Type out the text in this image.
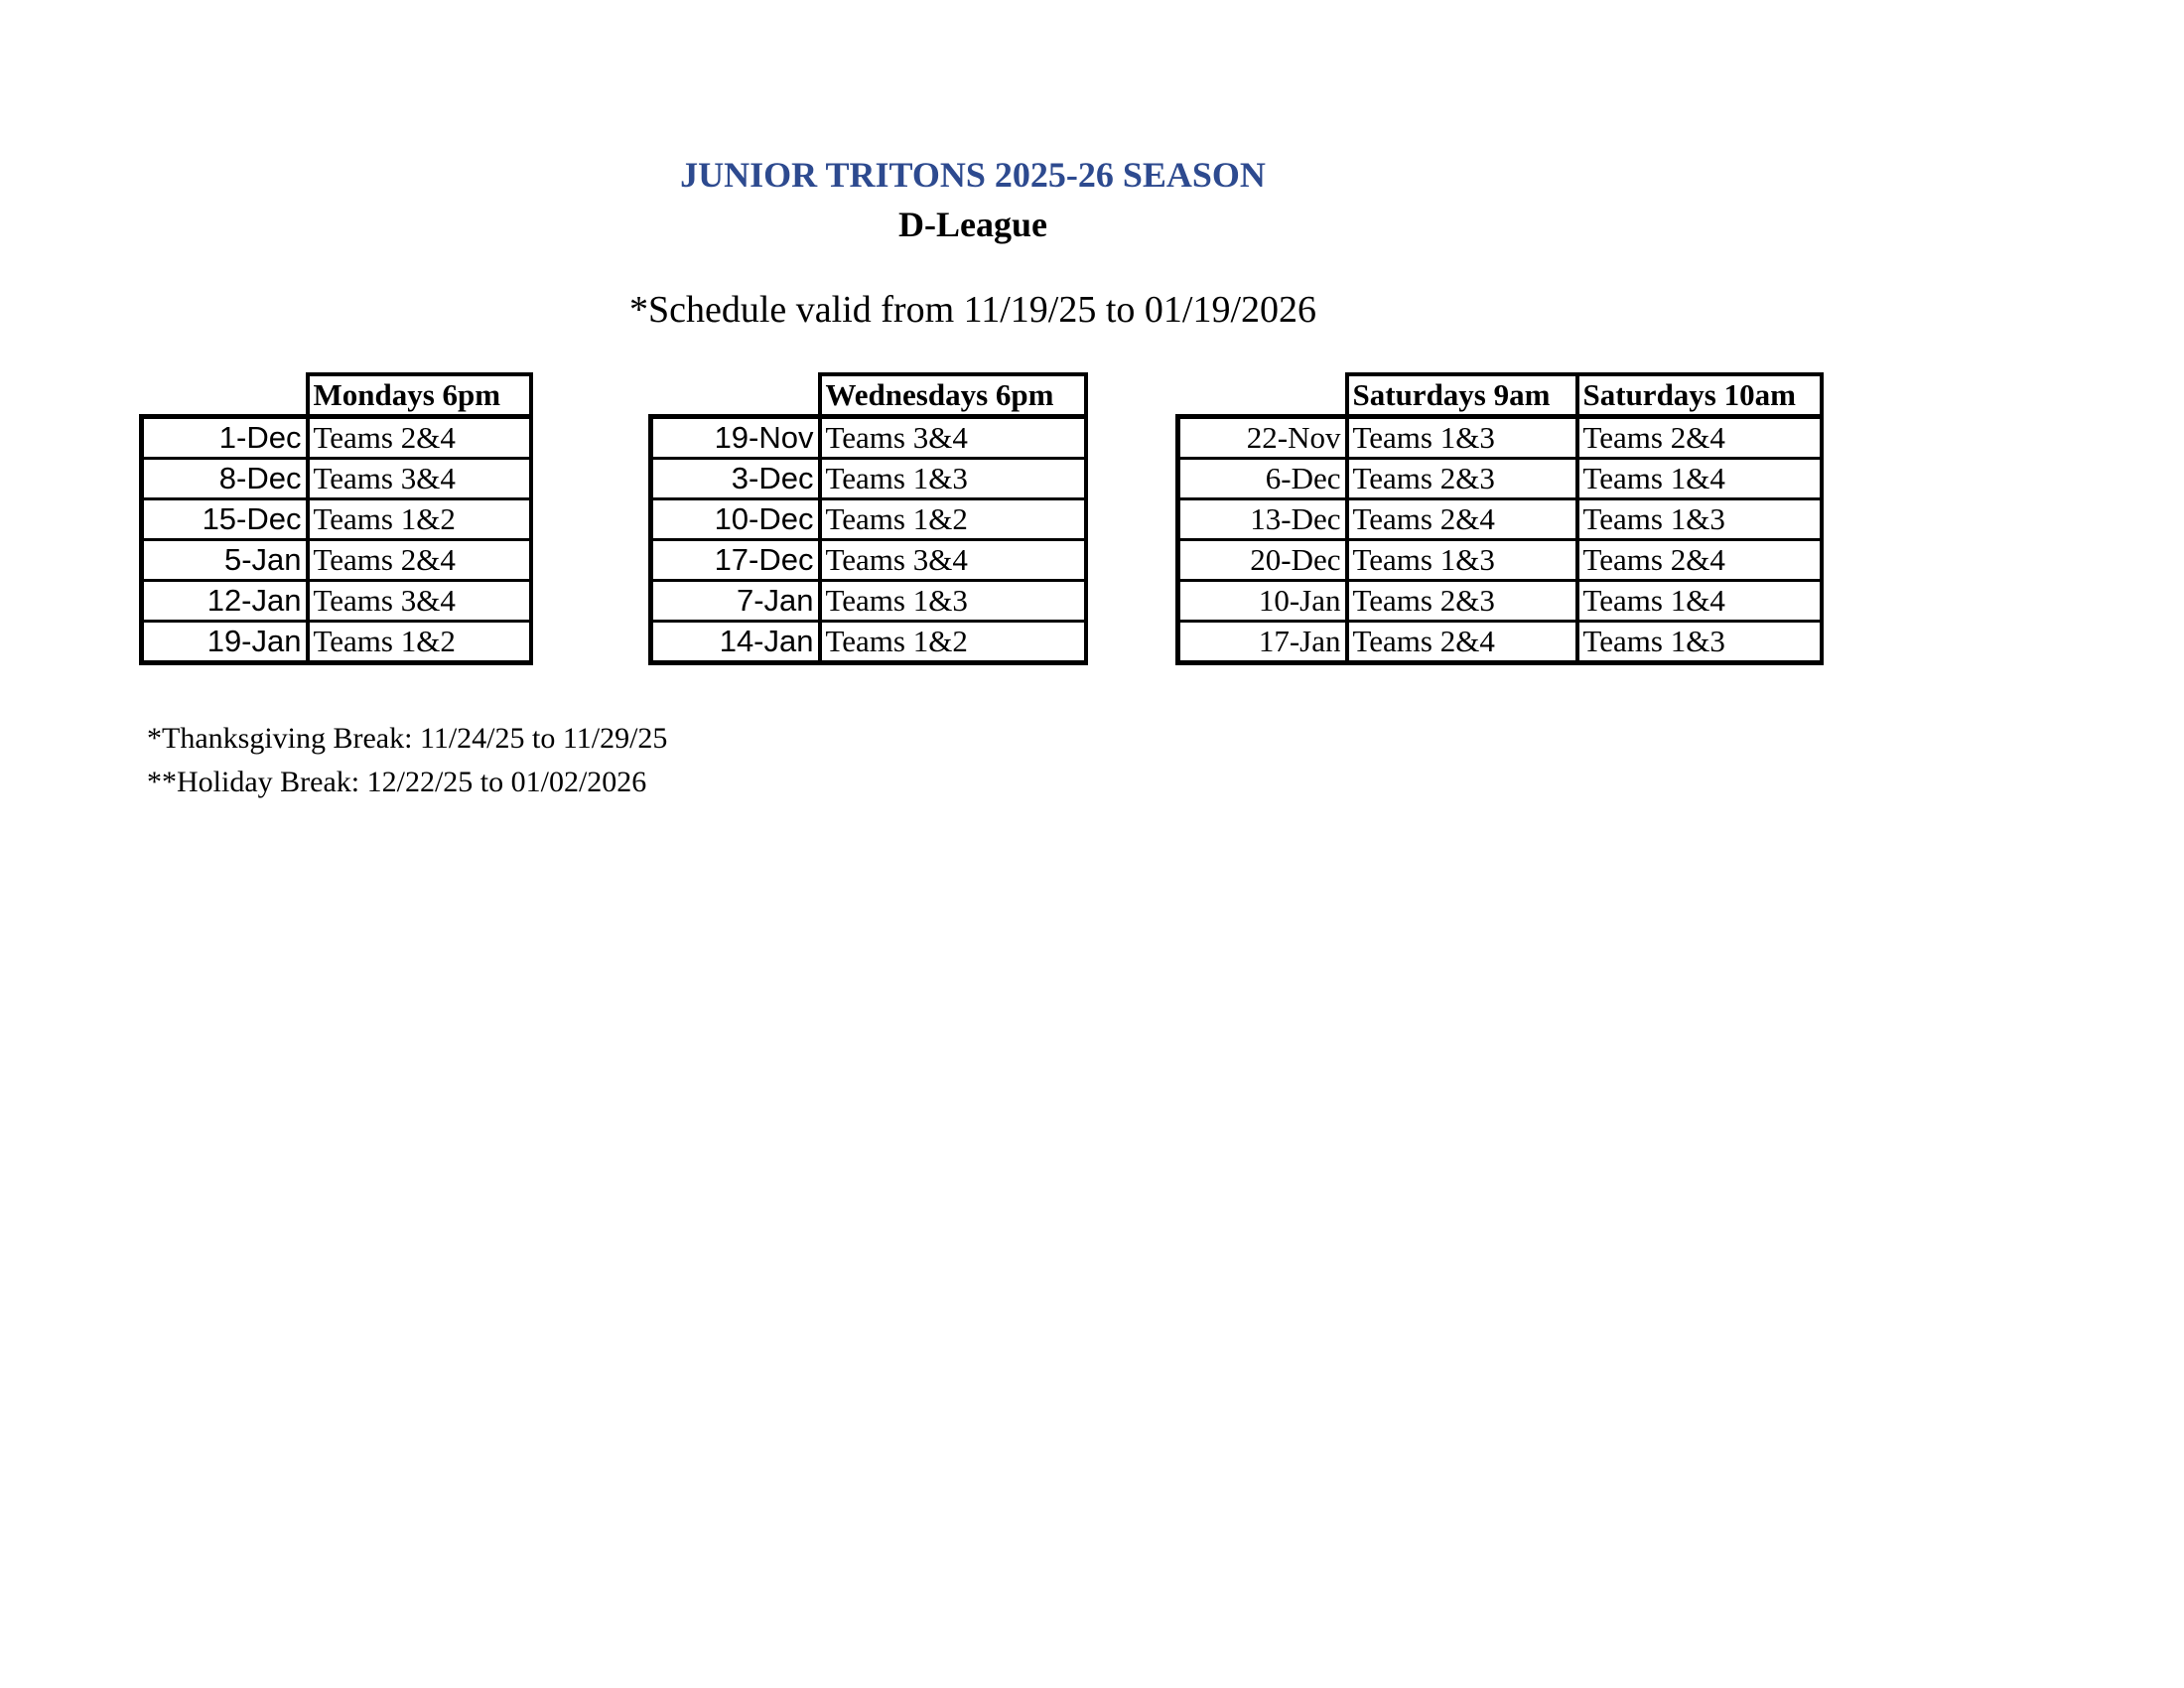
JUNIOR TRITONS 2025-26 SEASON
D-League
*Schedule valid from 11/19/25 to 01/19/2026
	Mondays 6pm
1-Dec	Teams 2&4
8-Dec	Teams 3&4
15-Dec	Teams 1&2
5-Jan	Teams 2&4
12-Jan	Teams 3&4
19-Jan	Teams 1&2
	Wednesdays 6pm
19-Nov	Teams 3&4
3-Dec	Teams 1&3
10-Dec	Teams 1&2
17-Dec	Teams 3&4
7-Jan	Teams 1&3
14-Jan	Teams 1&2
	Saturdays 9am	Saturdays 10am
22-Nov	Teams 1&3	Teams 2&4
6-Dec	Teams 2&3	Teams 1&4
13-Dec	Teams 2&4	Teams 1&3
20-Dec	Teams 1&3	Teams 2&4
10-Jan	Teams 2&3	Teams 1&4
17-Jan	Teams 2&4	Teams 1&3
*Thanksgiving Break: 11/24/25 to 11/29/25
**Holiday Break: 12/22/25 to 01/02/2026
